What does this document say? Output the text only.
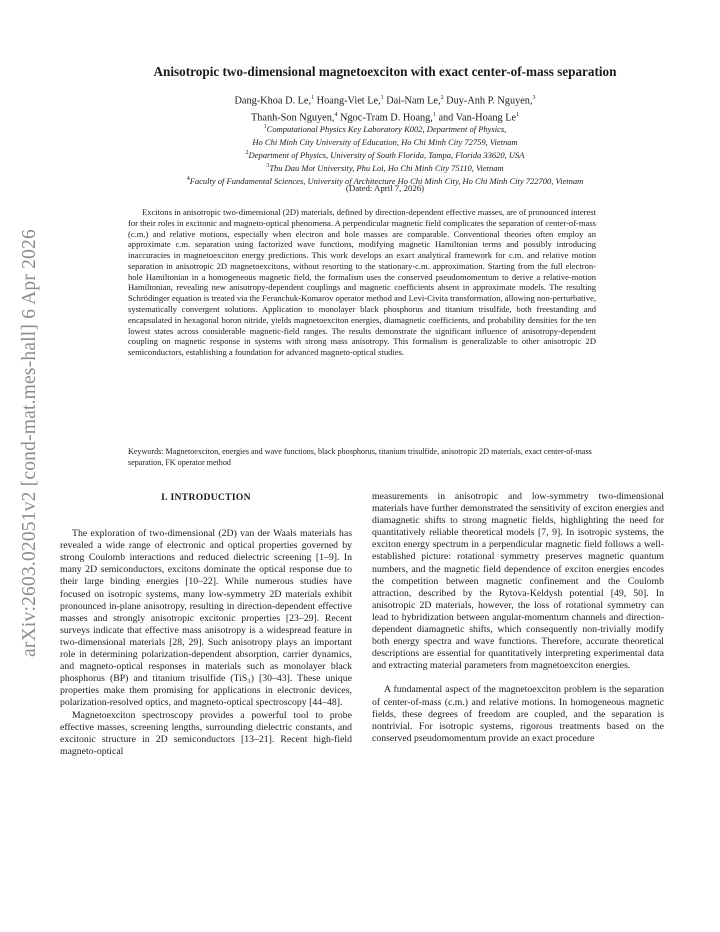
arXiv:2603.02051v2 [cond-mat.mes-hall] 6 Apr 2026
Anisotropic two-dimensional magnetoexciton with exact center-of-mass separation
Dang-Khoa D. Le,$^1$ Hoang-Viet Le,$^1$ Dai-Nam Le,$^2$ Duy-Anh P. Nguyen,$^3$
Thanh-Son Nguyen,$^4$ Ngoc-Tram D. Hoang,$^1$ and Van-Hoang Le$^1$
$^1$Computational Physics Key Laboratory K002, Department of Physics,
Ho Chi Minh City University of Education, Ho Chi Minh City 72759, Vietnam
$^2$Department of Physics, University of South Florida, Tampa, Florida 33620, USA
$^3$Thu Dau Mot University, Phu Loi, Ho Chi Minh City 75110, Vietnam
$^4$Faculty of Fundamental Sciences, University of Architecture Ho Chi Minh City, Ho Chi Minh City 722700, Vietnam
(Dated: April 7, 2026)

Excitons in anisotropic two-dimensional (2D) materials, defined by direction-dependent effective masses, are of pronounced interest for their roles in excitonic and magneto-optical phenomena. A perpendicular magnetic field complicates the separation of center-of-mass (c.m.) and relative motions, especially when electron and hole masses are comparable. Conventional theories often employ an approximate c.m. separation using factorized wave functions, modifying magnetic Hamiltonian terms and possibly introducing inaccuracies in magnetoexciton energy predictions. This work develops an exact analytical framework for c.m. and relative motion separation in anisotropic 2D magnetoexcitons, without resorting to the stationary-c.m. approximation. Starting from the full electron-hole Hamiltonian in a homogeneous magnetic field, the formalism uses the conserved pseudomomentum to derive a relative-motion Hamiltonian, revealing new anisotropy-dependent couplings and magnetic coefficients absent in approximate models. The resulting Schrödinger equation is treated via the Feranchuk-Komarov operator method and Levi-Civita transformation, allowing non-perturbative, systematically convergent solutions. Application to monolayer black phosphorus and titanium trisulfide, both freestanding and encapsulated in hexagonal boron nitride, yields magnetoexciton energies, diamagnetic coefficients, and probability densities for the ten lowest states across considerable magnetic-field ranges. The results demonstrate the significant influence of anisotropy-dependent coupling on magnetic response in systems with strong mass anisotropy. This formalism is generalizable to other anisotropic 2D semiconductors, establishing a foundation for advanced magneto-optical studies.

Keywords: Magnetoexciton, energies and wave functions, black phosphorus, titanium trisulfide, anisotropic 2D materials, exact center-of-mass separation, FK operator method

I. INTRODUCTION

The exploration of two-dimensional (2D) van der Waals materials has revealed a wide range of electronic and optical properties governed by strong Coulomb interactions and reduced dielectric screening [1–9]. In many 2D semiconductors, excitons dominate the optical response due to their large binding energies [10–22]. While numerous studies have focused on isotropic systems, many low-symmetry 2D materials exhibit pronounced in-plane anisotropy, resulting in direction-dependent effective masses and strongly anisotropic excitonic properties [23–29]. Recent surveys indicate that effective mass anisotropy is a widespread feature in two-dimensional materials [28, 29]. Such anisotropy plays an important role in determining polarization-dependent absorption, carrier dynamics, and magneto-optical responses in materials such as monolayer black phosphorus (BP) and titanium trisulfide (TiS₃) [30–43]. These unique properties make them promising for applications in electronic devices, polarization-resolved optics, and magneto-optical spectroscopy [44–48].

Magnetoexciton spectroscopy provides a powerful tool to probe effective masses, screening lengths, surrounding dielectric constants, and excitonic structure in 2D semiconductors [13–21]. Recent high-field magneto-optical

measurements in anisotropic and low-symmetry two-dimensional materials have further demonstrated the sensitivity of exciton energies and diamagnetic shifts to strong magnetic fields, highlighting the need for quantitatively reliable theoretical models [7, 9]. In isotropic systems, the exciton energy spectrum in a perpendicular magnetic field follows a well-established picture: rotational symmetry preserves magnetic quantum numbers, and the magnetic field dependence of exciton energies encodes the competition between magnetic confinement and the Coulomb attraction, described by the Rytova-Keldysh potential [49, 50]. In anisotropic 2D materials, however, the loss of rotational symmetry can lead to hybridization between angular-momentum channels and direction-dependent diamagnetic shifts, which consequently non-trivially modify both energy spectra and wave functions. Therefore, accurate theoretical descriptions are essential for quantitatively interpreting experimental data and extracting material parameters from magnetoexciton energies.

A fundamental aspect of the magnetoexciton problem is the separation of center-of-mass (c.m.) and relative motions. In homogeneous magnetic fields, these degrees of freedom are coupled, and the separation is nontrivial. For isotropic systems, rigorous treatments based on the conserved pseudomomentum provide an exact procedure
